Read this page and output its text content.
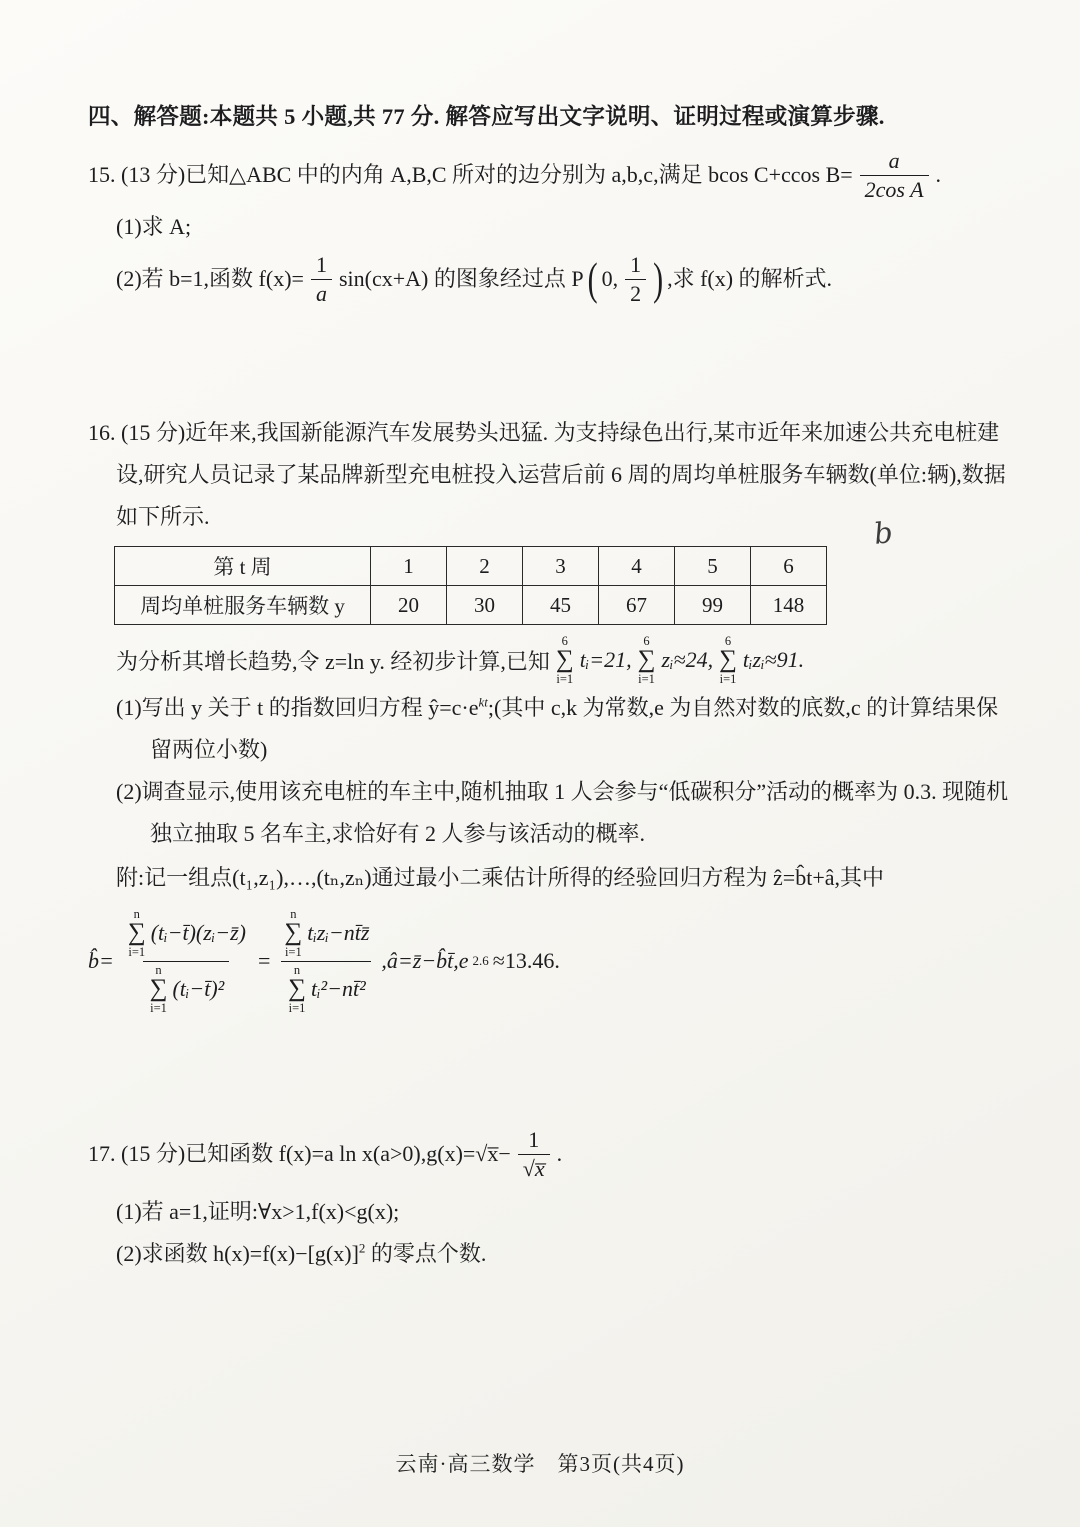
四、解答题:本题共 5 小题,共 77 分. 解答应写出文字说明、证明过程或演算步骤.
15. (13 分)已知△ABC 中的内角 A,B,C 所对的边分别为 a,b,c,满足 bcos C+ccos $B= \frac{a}{\text{2cos A}}$ .
(1)求 A;
(2)若 b=1,函数 $f(x)= \frac{1}{a} \sin(cx+A)$ 的图象经过点 P ( 0, $\frac{1}{2}$ ) ,求 f(x) 的解析式.
16. (15 分)近年来,我国新能源汽车发展势头迅猛. 为支持绿色出行,某市近年来加速公共充电桩建设,研究人员记录了某品牌新型充电桩投入运营后前 6 周的周均单桩服务车辆数(单位:辆),数据如下所示.
第 t 周	1	2	3	4	5	6
周均单桩服务车辆数 y	20	30	45	67	99	148
为分析其增长趋势,令 z=ln y. 经初步计算,已知
6
∑
i=1
tᵢ=21,
6
∑
i=1
zᵢ≈24,
6
∑
i=1
tᵢzᵢ≈91.
(1)写出 y 关于 t 的指数回归方程 $ŷ=c\cdot e^{kt}$;(其中 c,k 为常数,e 为自然对数的底数,c 的计算结果保留两位小数)
(2)调查显示,使用该充电桩的车主中,随机抽取 1 人会参与“低碳积分”活动的概率为 0.3. 现随机独立抽取 5 名车主,求恰好有 2 人参与该活动的概率.
附:记一组点(t₁,z₁),…,(tₙ,zₙ)通过最小二乘估计所得的经验回归方程为 ẑ=b̂t+â,其中
b̂=
n
∑
i=1
(tᵢ−t̄)(zᵢ−z̄)
n
∑
i=1
(tᵢ−t̄)²
=
n
∑
i=1
tᵢzᵢ−nt̄z̄
n
∑
i=1
tᵢ²−nt̄²
,â=z̄−b̂t̄,e 2.6 ≈13.46.
17. (15 分)已知函数 f(x)=a ln x(a>0),g(x)=√x̅− $\frac{1}{√x̅}$ .
(1)若 a=1,证明:∀x>1,f(x)<g(x);
(2)求函数 $h(x)=f(x)-[g(x)]^2$ 的零点个数.
b
云南·高三数学　第3页(共4页)
